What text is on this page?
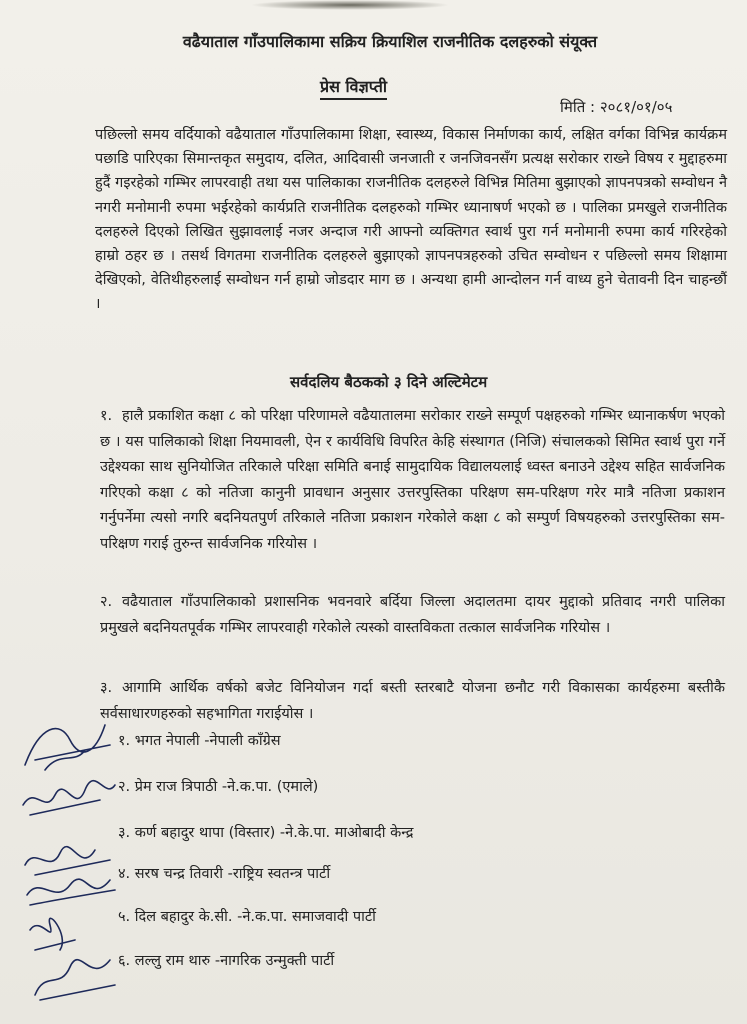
वढैयाताल गाँउपालिकामा सक्रिय क्रियाशिल राजनीतिक दलहरुको संयूक्त
प्रेस विज्ञप्ती
मिति : २०८१/०१/०५
पछिल्लो समय वर्दियाको वढैयाताल गाँउपालिकामा शिक्षा, स्वास्थ्य, विकास निर्माणका कार्य, लक्षित वर्गका विभिन्न कार्यक्रम पछाडि पारिएका सिमान्तकृत समुदाय, दलित, आदिवासी जनजाती र जनजिवनसँग प्रत्यक्ष सरोकार राख्ने विषय र मुद्दाहरुमा हुदैं गइरहेको गम्भिर लापरवाही तथा यस पालिकाका राजनीतिक दलहरुले विभिन्न मितिमा बुझाएको ज्ञापनपत्रको सम्वोधन नै नगरी मनोमानी रुपमा भईरहेको कार्यप्रति राजनीतिक दलहरुको गम्भिर ध्यानाषर्ण भएको छ । पालिका प्रमखुले राजनीतिक दलहरुले दिएको लिखित सुझावलाई नजर अन्दाज गरी आफ्नो व्यक्तिगत स्वार्थ पुरा गर्न मनोमानी रुपमा कार्य गरिरहेको हाम्रो ठहर छ । तसर्थ विगतमा राजनीतिक दलहरुले बुझाएको ज्ञापनपत्रहरुको उचित सम्वोधन र पछिल्लो समय शिक्षामा देखिएको, वेतिथीहरुलाई सम्वोधन गर्न हाम्रो जोडदार माग छ । अन्यथा हामी आन्दोलन गर्न वाध्य हुने चेतावनी दिन चाहन्छौं ।
सर्वदलिय बैठकको ३ दिने अल्टिमेटम
१. हालै प्रकाशित कक्षा ८ को परिक्षा परिणामले वढैयातालमा सरोकार राख्ने सम्पूर्ण पक्षहरुको गम्भिर ध्यानाकर्षण भएको छ । यस पालिकाको शिक्षा नियमावली, ऐन र कार्यविधि विपरित केहि संस्थागत (निजि) संचालकको सिमित स्वार्थ पुरा गर्ने उद्देश्यका साथ सुनियोजित तरिकाले परिक्षा समिति बनाई सामुदायिक विद्यालयलाई ध्वस्त बनाउने उद्देश्य सहित सार्वजनिक गरिएको कक्षा ८ को नतिजा कानुनी प्रावधान अनुसार उत्तरपुस्तिका परिक्षण सम-परिक्षण गरेर मात्रै नतिजा प्रकाशन गर्नुपर्नेमा त्यसो नगरि बदनियतपुर्ण तरिकाले नतिजा प्रकाशन गरेकोले कक्षा ८ को सम्पुर्ण विषयहरुको उत्तरपुस्तिका सम-परिक्षण गराई तुरुन्त सार्वजनिक गरियोस ।
२. वढैयाताल गाँउपालिकाको प्रशासनिक भवनवारे बर्दिया जिल्ला अदालतमा दायर मुद्दाको प्रतिवाद नगरी पालिका प्रमुखले बदनियतपूर्वक गम्भिर लापरवाही गरेकोले त्यस्को वास्तविकता तत्काल सार्वजनिक गरियोस ।
३. आगामि आर्थिक वर्षको बजेट विनियोजन गर्दा बस्ती स्तरबाटै योजना छनौट गरी विकासका कार्यहरुमा बस्तीकै सर्वसाधारणहरुको सहभागिता गराईयोस ।
१. भगत नेपाली -नेपाली काँग्रेस
२. प्रेम राज त्रिपाठी -ने.क.पा. (एमाले)
३. कर्ण बहादुर थापा (विस्तार) -ने.के.पा. माओबादी केन्द्र
४. सरष चन्द्र तिवारी -राष्ट्रिय स्वतन्त्र पार्टी
५. दिल बहादुर के.सी. -ने.क.पा. समाजवादी पार्टी
६. लल्लु राम थारु -नागरिक उन्मुक्ती पार्टी
